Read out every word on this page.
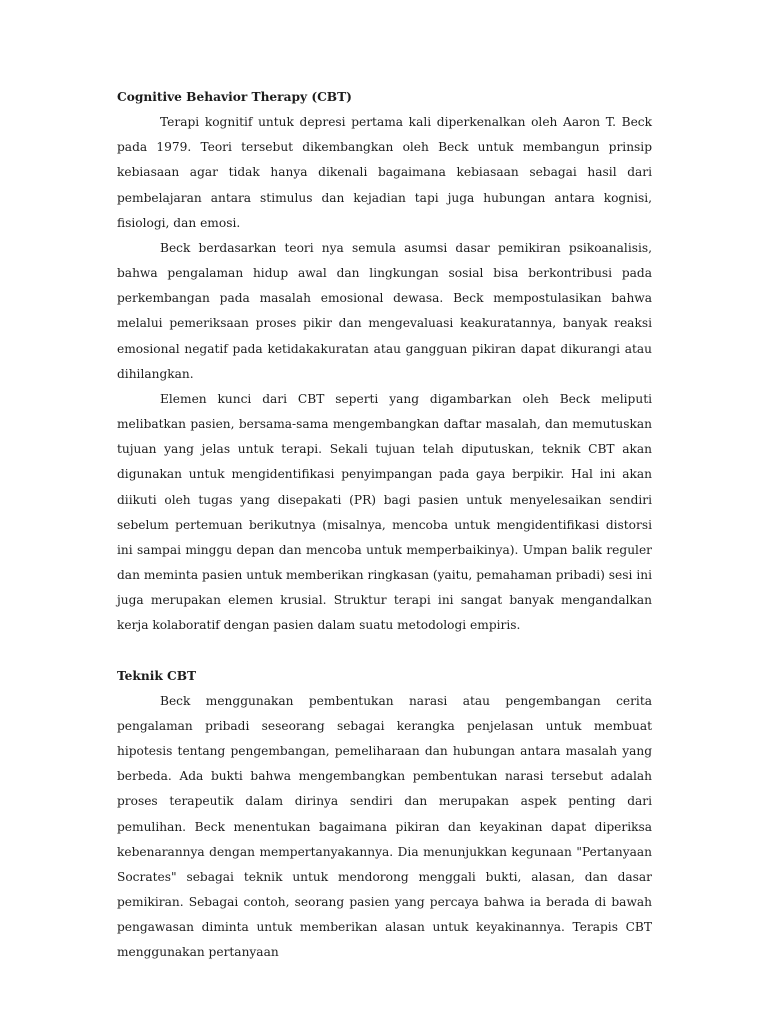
Cognitive Behavior Therapy (CBT)

Terapi kognitif untuk depresi pertama kali diperkenalkan oleh Aaron T. Beck pada 1979. Teori tersebut dikembangkan oleh Beck untuk membangun prinsip kebiasaan agar tidak hanya dikenali bagaimana kebiasaan sebagai hasil dari pembelajaran antara stimulus dan kejadian tapi juga hubungan antara kognisi, fisiologi, dan emosi.

Beck berdasarkan teori nya semula asumsi dasar pemikiran psikoanalisis, bahwa pengalaman hidup awal dan lingkungan sosial bisa berkontribusi pada perkembangan pada masalah emosional dewasa. Beck mempostulasikan bahwa melalui pemeriksaan proses pikir dan mengevaluasi keakuratannya, banyak reaksi emosional negatif pada ketidakakuratan atau gangguan pikiran dapat dikurangi atau dihilangkan.

Elemen kunci dari CBT seperti yang digambarkan oleh Beck meliputi melibatkan pasien, bersama-sama mengembangkan daftar masalah, dan memutuskan tujuan yang jelas untuk terapi. Sekali tujuan telah diputuskan, teknik CBT akan digunakan untuk mengidentifikasi penyimpangan pada gaya berpikir. Hal ini akan diikuti oleh tugas yang disepakati (PR) bagi pasien untuk menyelesaikan sendiri sebelum pertemuan berikutnya (misalnya, mencoba untuk mengidentifikasi distorsi ini sampai minggu depan dan mencoba untuk memperbaikinya). Umpan balik reguler dan meminta pasien untuk memberikan ringkasan (yaitu, pemahaman pribadi) sesi ini juga merupakan elemen krusial. Struktur terapi ini sangat banyak mengandalkan kerja kolaboratif dengan pasien dalam suatu metodologi empiris.

Teknik CBT

Beck menggunakan pembentukan narasi atau pengembangan cerita pengalaman pribadi seseorang sebagai kerangka penjelasan untuk membuat hipotesis tentang pengembangan, pemeliharaan dan hubungan antara masalah yang berbeda. Ada bukti bahwa mengembangkan pembentukan narasi tersebut adalah proses terapeutik dalam dirinya sendiri dan merupakan aspek penting dari pemulihan. Beck menentukan bagaimana pikiran dan keyakinan dapat diperiksa kebenarannya dengan mempertanyakannya. Dia menunjukkan kegunaan "Pertanyaan Socrates" sebagai teknik untuk mendorong menggali bukti, alasan, dan dasar pemikiran. Sebagai contoh, seorang pasien yang percaya bahwa ia berada di bawah pengawasan diminta untuk memberikan alasan untuk keyakinannya. Terapis CBT menggunakan pertanyaan
